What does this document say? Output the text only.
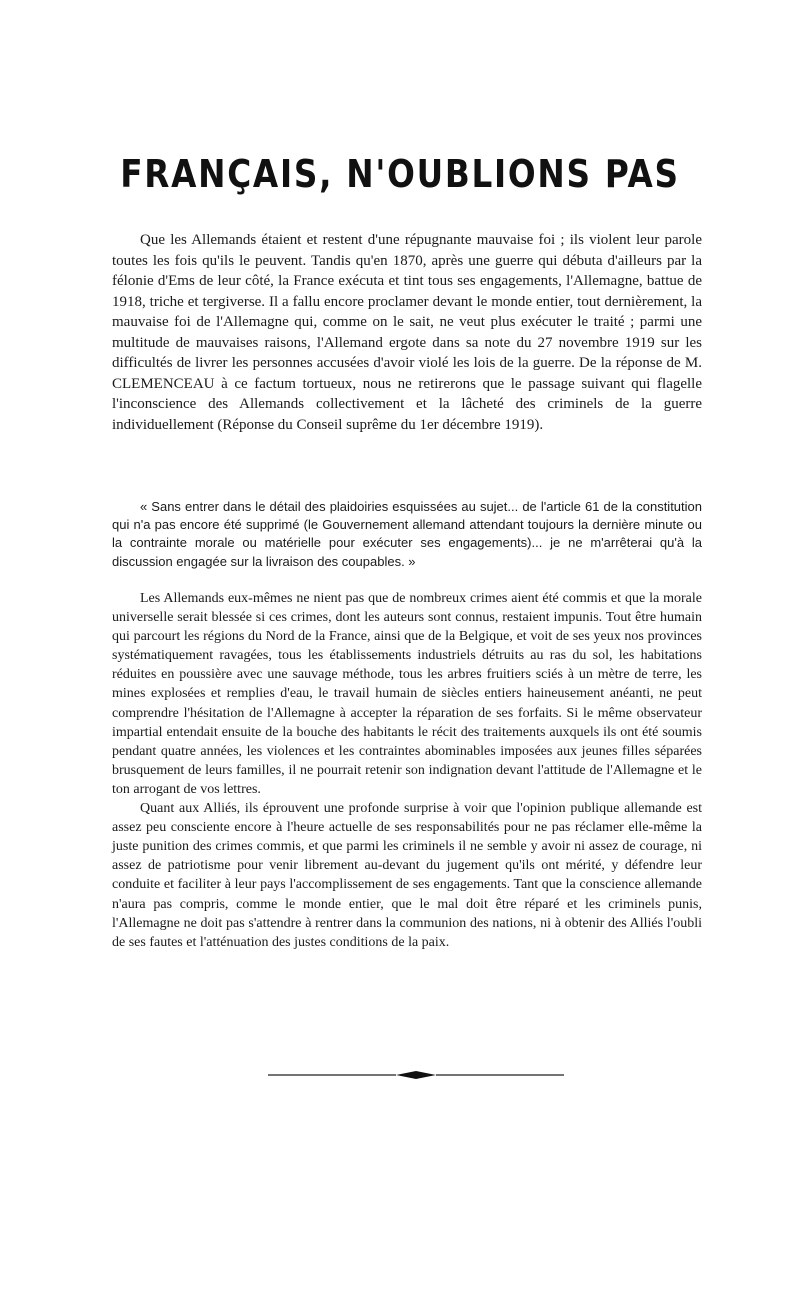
FRANÇAIS, N'OUBLIONS PAS

Que les Allemands étaient et restent d'une répugnante mauvaise foi ; ils violent leur parole toutes les fois qu'ils le peuvent. Tandis qu'en 1870, après une guerre qui débuta d'ailleurs par la félonie d'Ems de leur côté, la France exécuta et tint tous ses engagements, l'Allemagne, battue de 1918, triche et tergiverse. Il a fallu encore proclamer devant le monde entier, tout dernièrement, la mauvaise foi de l'Allemagne qui, comme on le sait, ne veut plus exécuter le traité ; parmi une multitude de mauvaises raisons, l'Allemand ergote dans sa note du 27 novembre 1919 sur les difficultés de livrer les personnes accusées d'avoir violé les lois de la guerre. De la réponse de M. CLEMENCEAU à ce factum tortueux, nous ne retirerons que le passage suivant qui flagelle l'inconscience des Allemands collectivement et la lâcheté des criminels de la guerre individuellement (Réponse du Conseil suprême du 1er décembre 1919).

« Sans entrer dans le détail des plaidoiries esquissées au sujet... de l'article 61 de la constitution qui n'a pas encore été supprimé (le Gouvernement allemand attendant toujours la dernière minute ou la contrainte morale ou matérielle pour exécuter ses engagements)... je ne m'arrêterai qu'à la discussion engagée sur la livraison des coupables. »

Les Allemands eux-mêmes ne nient pas que de nombreux crimes aient été commis et que la morale universelle serait blessée si ces crimes, dont les auteurs sont connus, restaient impunis. Tout être humain qui parcourt les régions du Nord de la France, ainsi que de la Belgique, et voit de ses yeux nos provinces systématiquement ravagées, tous les établissements industriels détruits au ras du sol, les habitations réduites en poussière avec une sauvage méthode, tous les arbres fruitiers sciés à un mètre de terre, les mines explosées et remplies d'eau, le travail humain de siècles entiers haineusement anéanti, ne peut comprendre l'hésitation de l'Allemagne à accepter la réparation de ses forfaits. Si le même observateur impartial entendait ensuite de la bouche des habitants le récit des traitements auxquels ils ont été soumis pendant quatre années, les violences et les contraintes abominables imposées aux jeunes filles séparées brusquement de leurs familles, il ne pourrait retenir son indignation devant l'attitude de l'Allemagne et le ton arrogant de vos lettres.

Quant aux Alliés, ils éprouvent une profonde surprise à voir que l'opinion publique allemande est assez peu consciente encore à l'heure actuelle de ses responsabilités pour ne pas réclamer elle-même la juste punition des crimes commis, et que parmi les criminels il ne semble y avoir ni assez de courage, ni assez de patriotisme pour venir librement au-devant du jugement qu'ils ont mérité, y défendre leur conduite et faciliter à leur pays l'accomplissement de ses engagements. Tant que la conscience allemande n'aura pas compris, comme le monde entier, que le mal doit être réparé et les criminels punis, l'Allemagne ne doit pas s'attendre à rentrer dans la communion des nations, ni à obtenir des Alliés l'oubli de ses fautes et l'atténuation des justes conditions de la paix.
